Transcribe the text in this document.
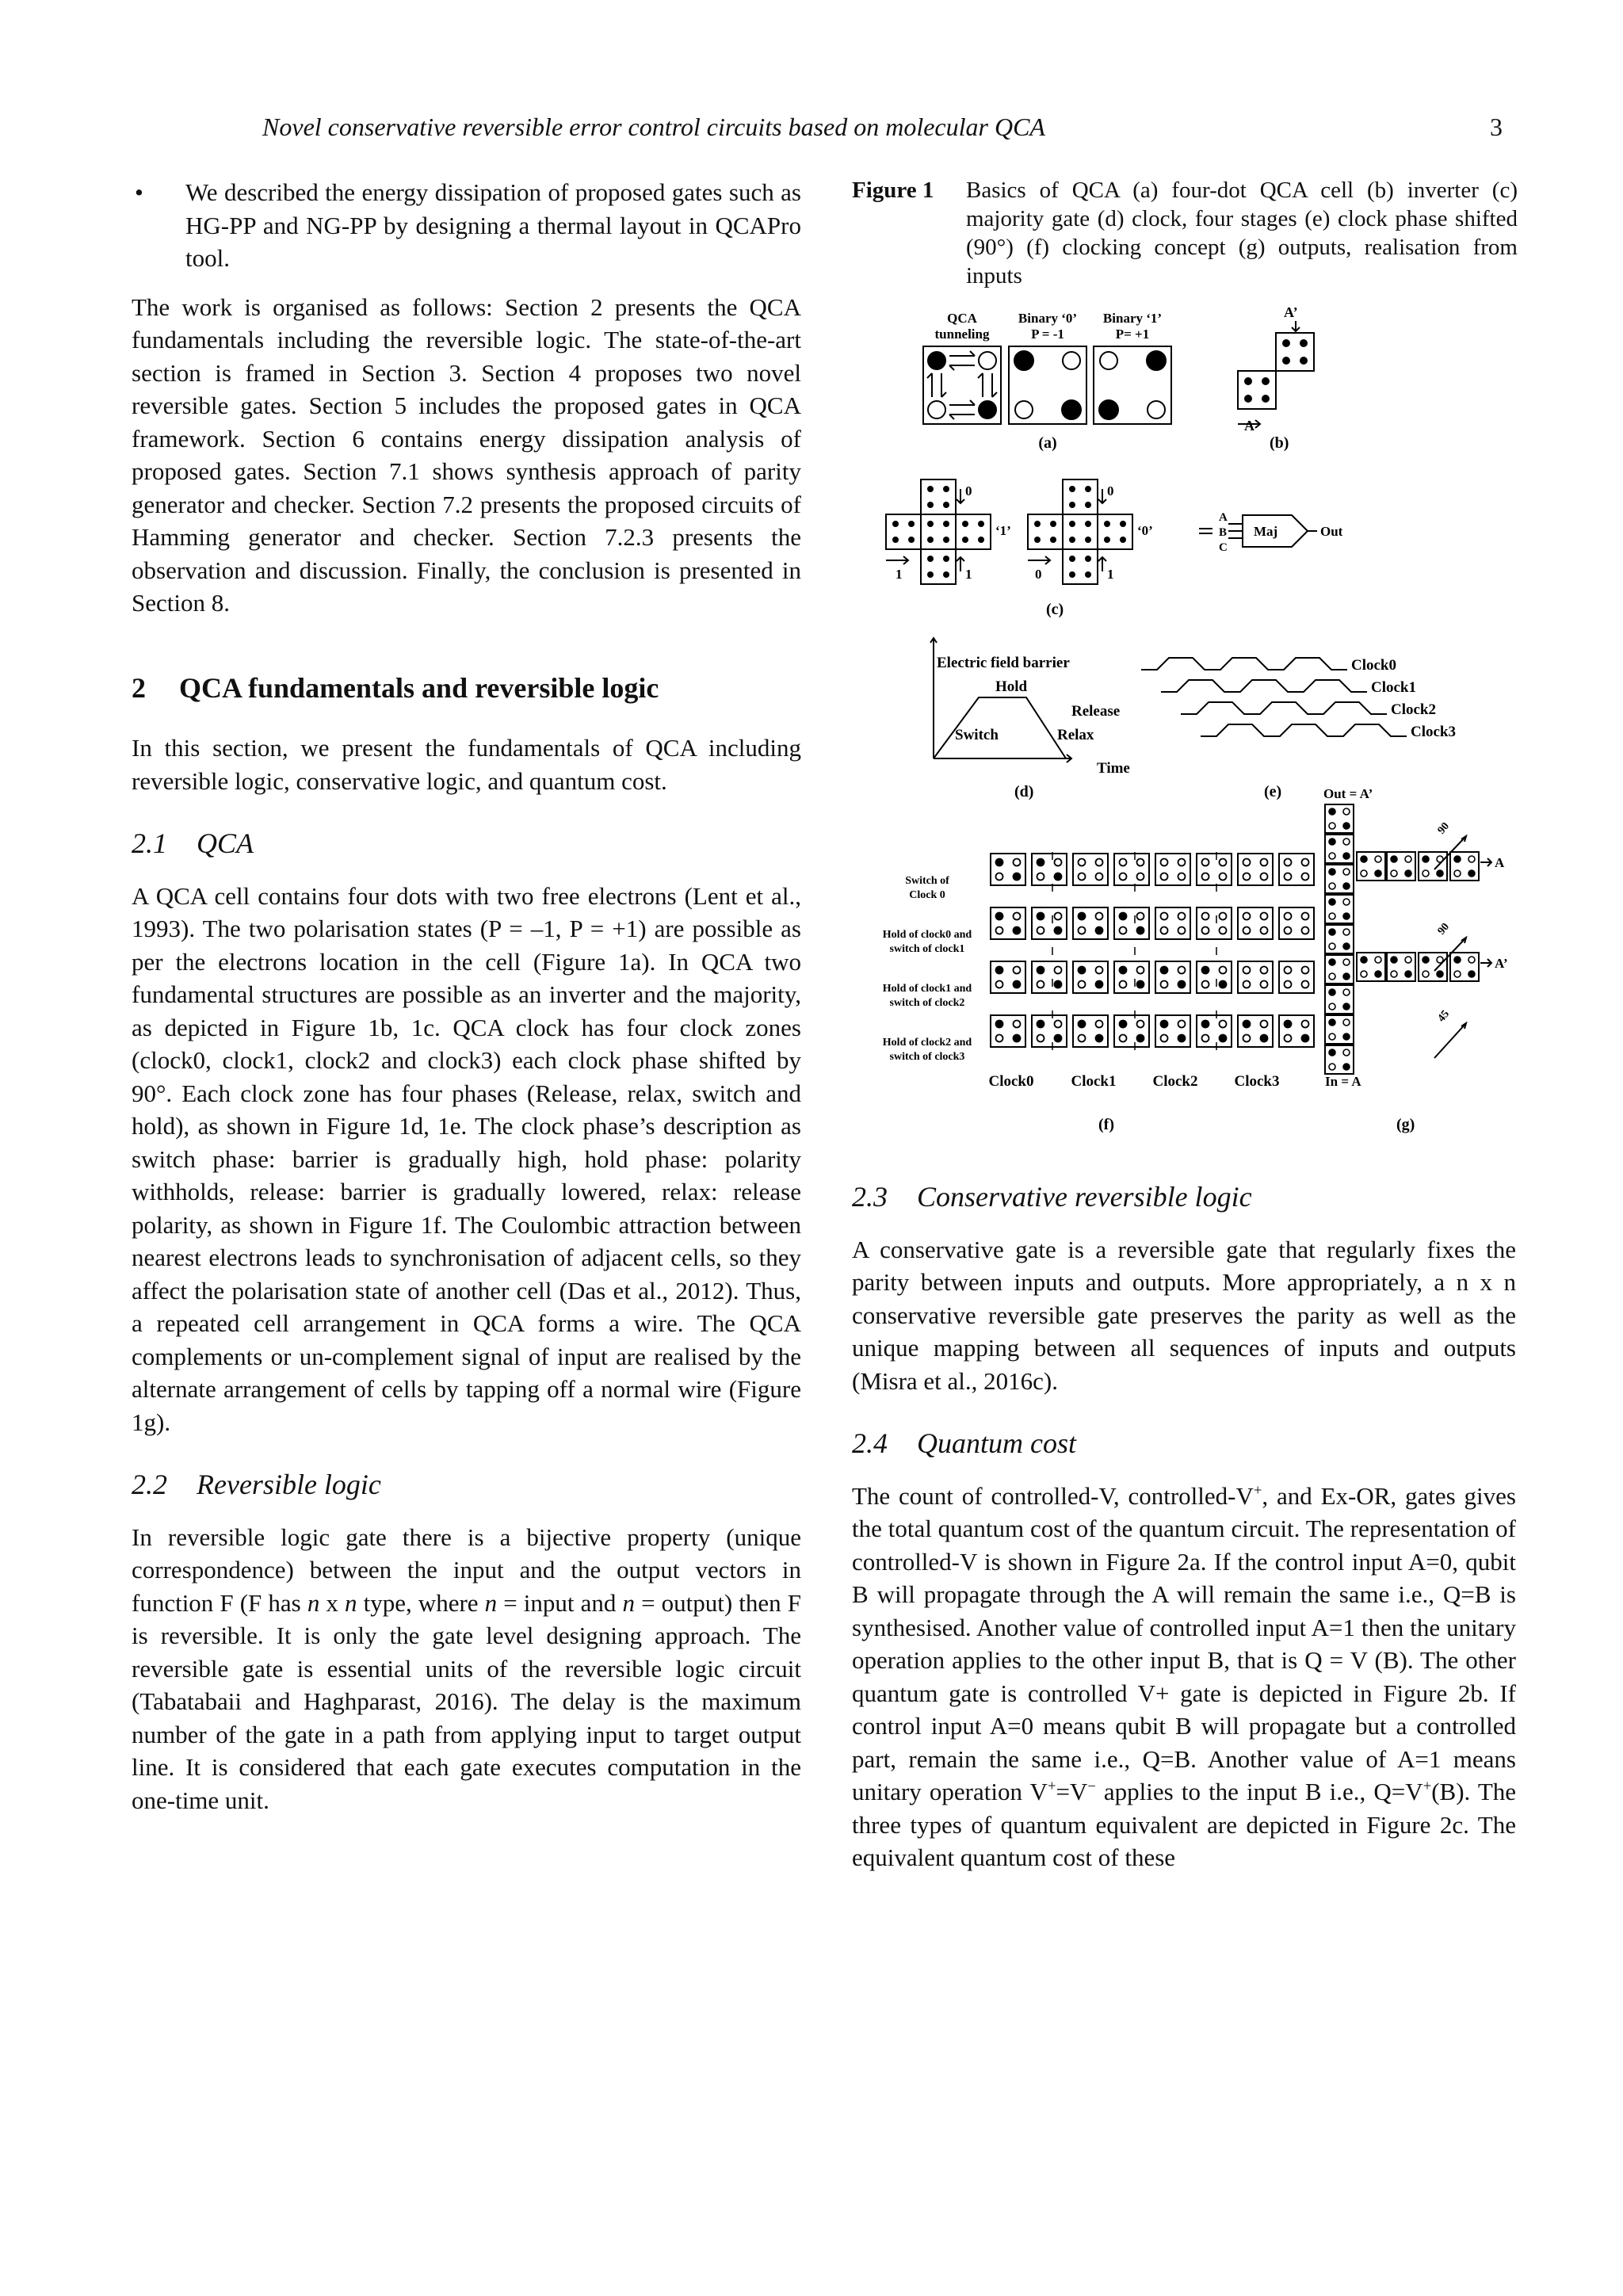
Novel conservative reversible error control circuits based on molecular QCA	3
•	We described the energy dissipation of proposed gates such as HG-PP and NG-PP by designing a thermal layout in QCAPro tool.

The work is organised as follows: Section 2 presents the QCA fundamentals including the reversible logic. The state-of-the-art section is framed in Section 3. Section 4 proposes two novel reversible gates. Section 5 includes the proposed gates in QCA framework. Section 6 contains energy dissipation analysis of proposed gates. Section 7.1 shows synthesis approach of parity generator and checker. Section 7.2 presents the proposed circuits of Hamming generator and checker. Section 7.2.3 presents the observation and discussion. Finally, the conclusion is presented in Section 8.

2 QCA fundamentals and reversible logic

In this section, we present the fundamentals of QCA including reversible logic, conservative logic, and quantum cost.

2.1 QCA

A QCA cell contains four dots with two free electrons (Lent et al., 1993). The two polarisation states (P = –1, P = +1) are possible as per the electrons location in the cell (Figure 1a). In QCA two fundamental structures are possible as an inverter and the majority, as depicted in Figure 1b, 1c. QCA clock has four clock zones (clock0, clock1, clock2 and clock3) each clock phase shifted by 90°. Each clock zone has four phases (Release, relax, switch and hold), as shown in Figure 1d, 1e. The clock phase’s description as switch phase: barrier is gradually high, hold phase: polarity withholds, release: barrier is gradually lowered, relax: release polarity, as shown in Figure 1f. The Coulombic attraction between nearest electrons leads to synchronisation of adjacent cells, so they affect the polarisation state of another cell (Das et al., 2012). Thus, a repeated cell arrangement in QCA forms a wire. The QCA complements or un-complement signal of input are realised by the alternate arrangement of cells by tapping off a normal wire (Figure 1g).

2.2 Reversible logic

In reversible logic gate there is a bijective property (unique correspondence) between the input and the output vectors in function F (F has n x n type, where n = input and n = output) then F is reversible. It is only the gate level designing approach. The reversible gate is essential units of the reversible logic circuit (Tabatabaii and Haghparast, 2016). The delay is the maximum number of the gate in a path from applying input to target output line. It is considered that each gate executes computation in the one-time unit.

Figure 1	Basics of QCA (a) four-dot QCA cell (b) inverter (c) majority gate (d) clock, four stages (e) clock phase shifted (90°) (f) clocking concept (g) outputs, realisation from inputs
QCA
tunneling
Binary ‘0’
P = -1
Binary ‘1’
P= +1
(a)
A’
A
(b)
0
1	1
‘1’
0
0	1
‘0’
A
B
C
Maj	Out
(c)
Electric field barrier
Hold
Release
Switch	Relax
Time
(d)
Clock0
Clock1
Clock2
Clock3
(e)
Switch of
Clock 0
Hold of clock0 and
switch of clock1
Hold of clock1 and
switch of clock2
Hold of clock2 and
switch of clock3
Clock0 Clock1 Clock2 Clock3
(f)
Out = A’
A
A’
In = A
90
90
45
(g)
2.3 Conservative reversible logic

A conservative gate is a reversible gate that regularly fixes the parity between inputs and outputs. More appropriately, a n x n conservative reversible gate preserves the parity as well as the unique mapping between all sequences of inputs and outputs (Misra et al., 2016c).

2.4 Quantum cost

The count of controlled-V, controlled-V+, and Ex-OR, gates gives the total quantum cost of the quantum circuit. The representation of controlled-V is shown in Figure 2a. If the control input A=0, qubit B will propagate through the A will remain the same i.e., Q=B is synthesised. Another value of controlled input A=1 then the unitary operation applies to the other input B, that is Q = V (B). The other quantum gate is controlled V+ gate is depicted in Figure 2b. If control input A=0 means qubit B will propagate but a controlled part, remain the same i.e., Q=B. Another value of A=1 means unitary operation V+=V− applies to the input B i.e., Q=V+(B). The three types of quantum equivalent are depicted in Figure 2c. The equivalent quantum cost of these
